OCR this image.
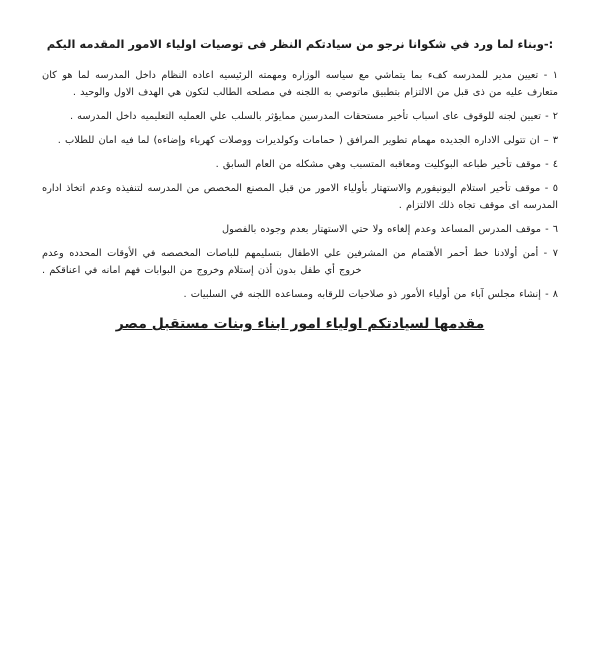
:-وبناء لما ورد في شكوانا نرجو من سيادتكم النظر فى توصيات اولياء الامور المقدمه اليكم

١ - تعيين مدير للمدرسه كفء بما يتماشي مع سياسه الوزاره ومهمته الرئيسيه اعاده النظام داخل المدرسه لما هو كان متعارف عليه من ذى قبل من الالتزام بتطبيق ماتوصي به اللجنه في مصلحه الطالب لتكون هي الهدف الاول والوحيد .

٢ - تعيين لجنه للوقوف عاى اسباب تأخير مستحقات المدرسين ممايؤثر بالسلب علي العمليه التعليميه داخل المدرسه .

٣ – ان تتولى الاداره الجديده مهمام تطوير المرافق ( حمامات وكولديرات ووصلات كهرباء وإضاءه) لما فيه امان للطلاب .

٤ - موقف تأخير طباعه البوكليت ومعاقبه المتسبب وهي مشكله من العام السابق .

٥ - موقف تأخير استلام اليونيفورم والاستهتار بأولياء الامور من قبل المصنع المخصص من المدرسه لتنفيذه وعدم اتخاذ اداره المدرسه اى موقف تجاه ذلك الالتزام .

٦ - موقف المدرس المساعد وعدم إلغاءه ولا حتي الاستهتار بعدم وجوده بالفصول

٧ - أمن أولادنا خط أحمر الأهتمام من المشرفين علي الاطفال بتسليمهم للباصات المخصصه في الأوقات المحدده وعدم خروج أي طفل بدون أذن إستلام وخروج من البوابات فهم امانه في اعناقكم .

٨ - إنشاء مجلس آباء من أولياء الأمور ذو صلاحيات للرقابه ومساعده اللجنه في السلبيات .

مقدمها لسيادتكم اولياء امور ابناء وبنات مستقبل مصر
